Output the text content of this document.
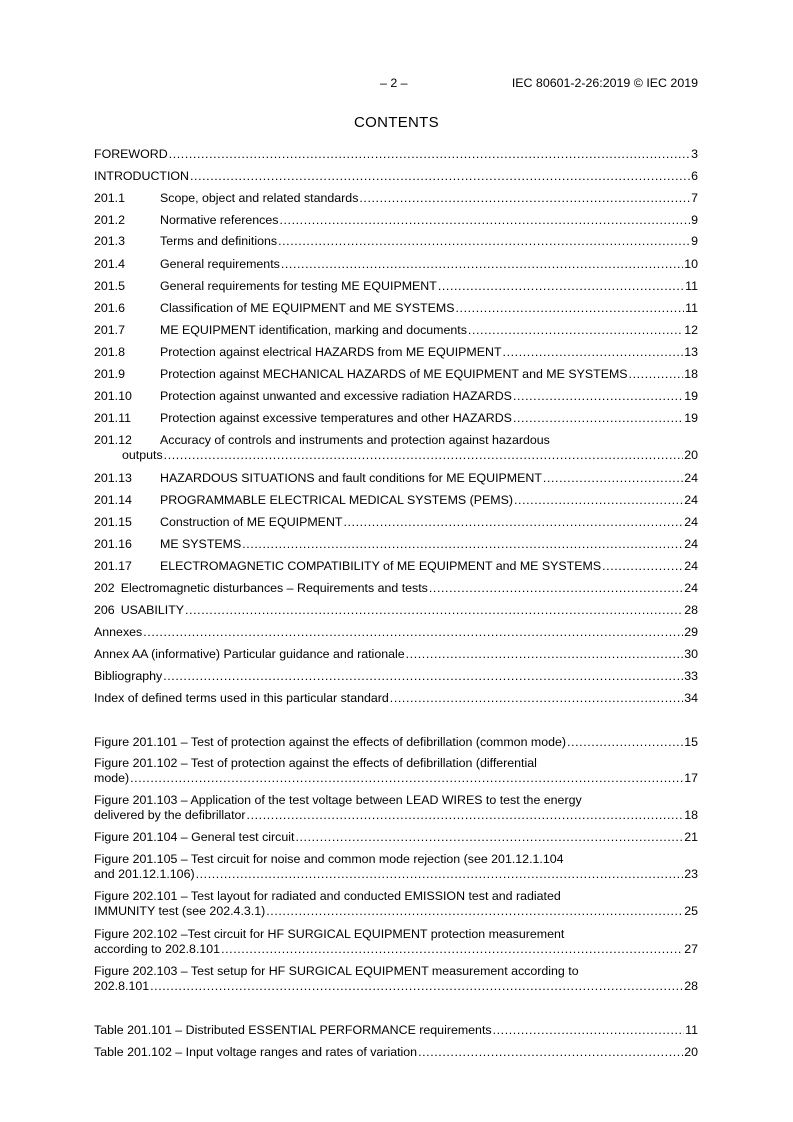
– 2 –	IEC 80601-2-26:2019 © IEC 2019
CONTENTS
FOREWORD .....	3
INTRODUCTION .....	6
201.1	Scope, object and related standards .....	7
201.2	Normative references .....	9
201.3	Terms and definitions .....	9
201.4	General requirements .....	10
201.5	General requirements for testing ME EQUIPMENT .....	11
201.6	Classification of ME EQUIPMENT and ME SYSTEMS .....	11
201.7	ME EQUIPMENT identification, marking and documents .....	12
201.8	Protection against electrical HAZARDS from ME EQUIPMENT .....	13
201.9	Protection against MECHANICAL HAZARDS of ME EQUIPMENT and ME SYSTEMS .....	18
201.10	Protection against unwanted and excessive radiation HAZARDS .....	19
201.11	Protection against excessive temperatures and other HAZARDS .....	19
201.12	Accuracy of controls and instruments and protection against hazardous
outputs .....	20
201.13	HAZARDOUS SITUATIONS and fault conditions for ME EQUIPMENT .....	24
201.14	PROGRAMMABLE ELECTRICAL MEDICAL SYSTEMS (PEMS) .....	24
201.15	Construction of ME EQUIPMENT .....	24
201.16	ME SYSTEMS .....	24
201.17	ELECTROMAGNETIC COMPATIBILITY of ME EQUIPMENT and ME SYSTEMS .....	24
202 Electromagnetic disturbances – Requirements and tests .....	24
206 USABILITY .....	28
Annexes .....	29
Annex AA (informative) Particular guidance and rationale .....	30
Bibliography .....	33
Index of defined terms used in this particular standard .....	34
Figure 201.101 – Test of protection against the effects of defibrillation (common mode) .....	15
Figure 201.102 – Test of protection against the effects of defibrillation (differential
mode) .....	17
Figure 201.103 – Application of the test voltage between LEAD WIRES to test the energy
delivered by the defibrillator .....	18
Figure 201.104 – General test circuit .....	21
Figure 201.105 – Test circuit for noise and common mode rejection (see 201.12.1.104
and 201.12.1.106) .....	23
Figure 202.101 – Test layout for radiated and conducted EMISSION test and radiated
IMMUNITY test (see 202.4.3.1) .....	25
Figure 202.102 –Test circuit for HF SURGICAL EQUIPMENT protection measurement
according to 202.8.101 .....	27
Figure 202.103 – Test setup for HF SURGICAL EQUIPMENT measurement according to
202.8.101 .....	28
Table 201.101 – Distributed ESSENTIAL PERFORMANCE requirements .....	11
Table 201.102 – Input voltage ranges and rates of variation .....	20
